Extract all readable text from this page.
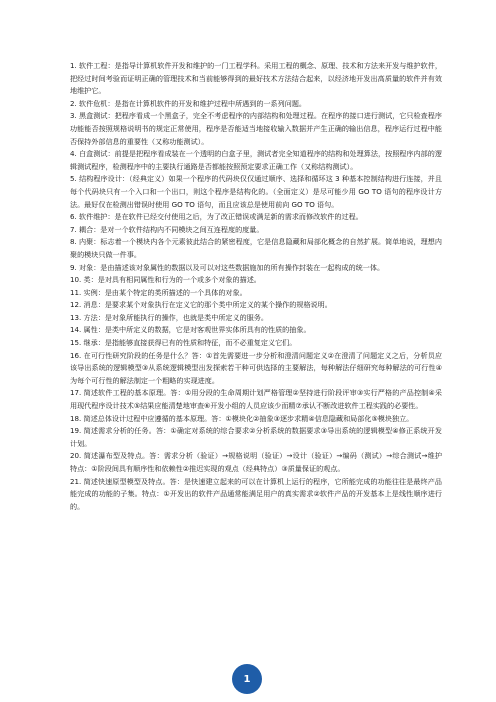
1. 软件工程：是指导计算机软件开发和维护的一门工程学科。采用工程的概念、原理、技术和方法来开发与维护软件，把经过时间考验而证明正确的管理技术和当前能够得到的最好技术方法结合起来，以经济地开发出高质量的软件并有效地维护它。

2. 软件危机：是指在计算机软件的开发和维护过程中所遇到的一系列问题。

3. 黑盒测试：把程序看成一个黑盒子，完全不考虑程序的内部结构和处理过程。在程序的接口进行测试，它只检查程序功能能否按照规格说明书的规定正常使用，程序是否能适当地接收输入数据并产生正确的输出信息，程序运行过程中能否保持外部信息的重要性（又称功能测试）。

4. 白盒测试：前提是把程序看成装在一个透明的白盒子里，测试者完全知道程序的结构和处理算法，按照程序内部的逻辑测试程序，检测程序中的主要执行通路是否都能按照预定要求正确工作（又称结构测试）。

5. 结构程序设计：（经典定义）如果一个程序的代码块仅仅通过顺序、选择和循环这 3 种基本控制结构进行连接，并且每个代码块只有一个入口和一个出口，则这个程序是结构化的。（全面定义）是尽可能少用 GO TO 语句的程序设计方法。最好仅在检测出错误时使用 GO TO 语句，而且应该总是使用前向 GO TO 语句。

6. 软件维护：是在软件已经交付使用之后，为了改正错误或满足新的需求而修改软件的过程。

7. 耦合：是对一个软件结构内不同模块之间互连程度的度量。

8. 内聚：标志着一个模块内各个元素彼此结合的紧密程度，它是信息隐藏和局部化概念的自然扩展。简单地说，理想内聚的模块只做一件事。

9. 对象：是由描述该对象属性的数据以及可以对这些数据施加的所有操作封装在一起构成的统一体。

10. 类：是对具有相同属性和行为的一个或多个对象的描述。

11. 实例：是由某个特定的类所描述的一个具体的对象。

12. 消息：是要求某个对象执行在定义它的那个类中所定义的某个操作的规格说明。

13. 方法：是对象所能执行的操作，也就是类中所定义的服务。

14. 属性：是类中所定义的数据，它是对客观世界实体所具有的性质的抽象。

15. 继承：是指能够直接获得已有的性质和特征，而不必重复定义它们。

16. 在可行性研究阶段的任务是什么？答：①首先需要进一步分析和澄清问题定义②在澄清了问题定义之后，分析员应该导出系统的逻辑模型③从系统逻辑模型出发探索若干种可供选择的主要解法，每种解法仔细研究每种解法的可行性④为每个可行性的解法制定一个粗略的实现进度。

17. 简述软件工程的基本原理。答：①用分段的生命周期计划严格管理②坚持进行阶段评审③实行严格的产品控制④采用现代程序设计技术⑤结果应能清楚地审查⑥开发小组的人员应该少而精⑦承认不断改进软件工程实践的必要性。

18. 简述总体设计过程中应遵循的基本原理。答：①模块化②抽象③逐步求精④信息隐藏和局部化⑤模块独立。

19. 简述需求分析的任务。答：①确定对系统的综合要求②分析系统的数据要求③导出系统的逻辑模型④修正系统开发计划。

20. 简述瀑布型及特点。答：需求分析（验证）→规格说明（验证）→设计（验证）→编码（测试）→综合测试→维护　特点：①阶段间具有顺序性和依赖性②推迟实现的观点（经典特点）③质量保证的观点。

21. 简述快速原型模型及特点。答：是快速建立起来的可以在计算机上运行的程序，它所能完成的功能往往是最终产品能完成的功能的子集。特点：①开发出的软件产品通常能满足用户的真实需求②软件产品的开发基本上是线性顺序进行的。

1
